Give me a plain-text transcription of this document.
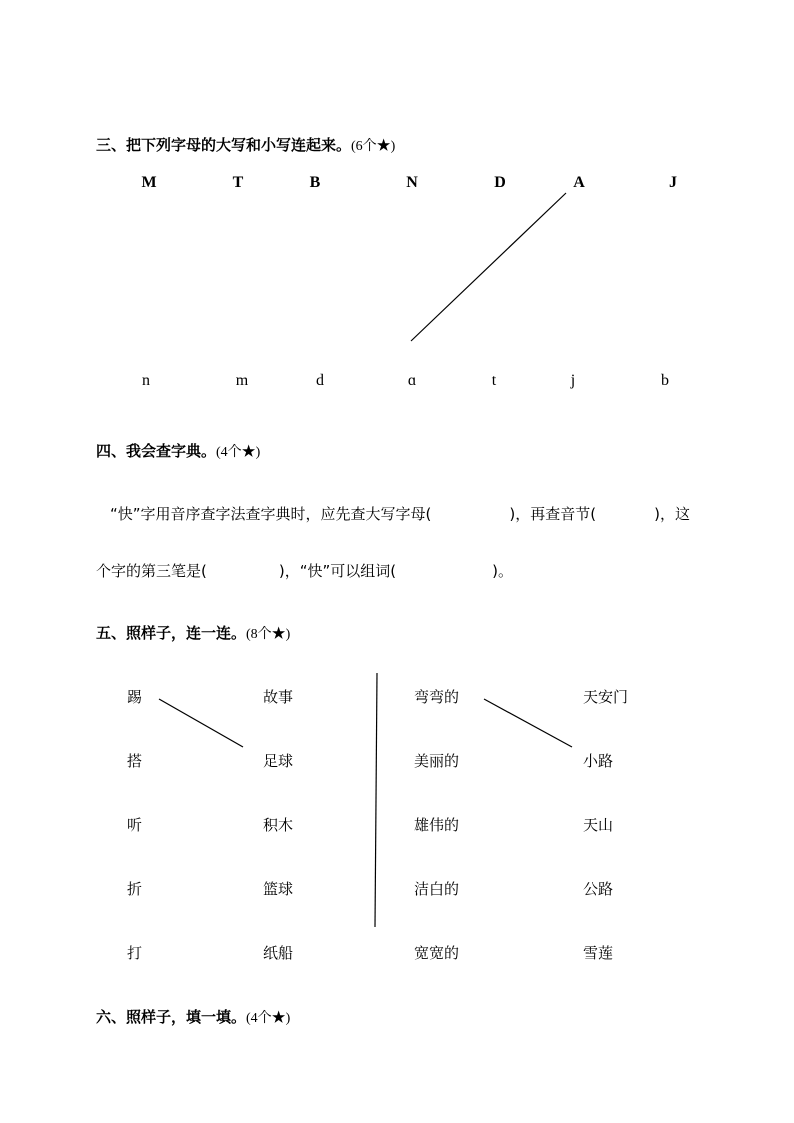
三、把下列字母的大写和小写连起来。(6个★)
M	T	B	N	D	A	J
n	m	d	ɑ	t	j	b
四、我会查字典。(4个★)
“快”字用音序查字法查字典时，应先查大写字母(	)，再查音节(	)，这
个字的第三笔是(	)，“快”可以组词(	)。
五、照样子，连一连。(8个★)
踢
搭
听
折
打
故事
足球
积木
篮球
纸船
弯弯的
美丽的
雄伟的
洁白的
宽宽的
天安门
小路
天山
公路
雪莲
六、照样子，填一填。(4个★)
